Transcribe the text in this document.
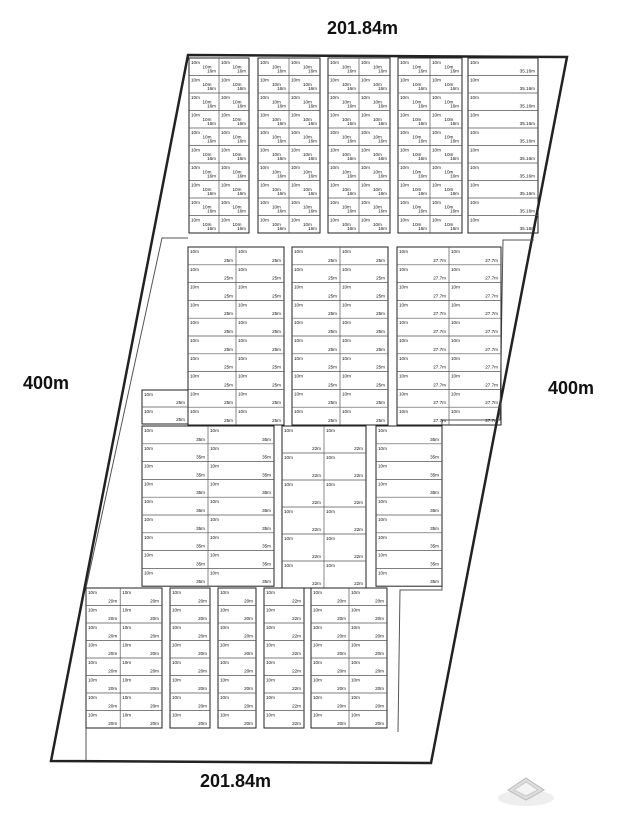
10m
16m
10m
10m
16m
10m
10m
16m
10m
10m
16m
10m
10m
16m
10m
10m
16m
10m
10m
16m
10m
10m
16m
10m
10m
16m
10m
10m
16m
10m
10m
16m
10m
10m
16m
10m
10m
16m
10m
10m
16m
10m
10m
16m
10m
10m
16m
10m
10m
16m
10m
10m
16m
10m
10m
16m
10m
10m
16m
10m
10m
16m
10m
10m
16m
10m
10m
16m
10m
10m
16m
10m
10m
16m
10m
10m
16m
10m
10m
16m
10m
10m
16m
10m
10m
16m
10m
10m
16m
10m
10m
16m
10m
10m
16m
10m
10m
16m
10m
10m
16m
10m
10m
16m
10m
10m
16m
10m
10m
16m
10m
10m
16m
10m
10m
16m
10m
10m
16m
10m
10m
16m
10m
10m
16m
10m
10m
16m
10m
10m
16m
10m
10m
16m
10m
10m
16m
10m
10m
16m
10m
10m
16m
10m
10m
16m
10m
10m
16m
10m
10m
16m
10m
10m
16m
10m
10m
16m
10m
10m
16m
10m
10m
16m
10m
10m
16m
10m
10m
16m
10m
10m
16m
10m
10m
16m
10m
10m
16m
10m
10m
16m
10m
10m
16m
10m
10m
16m
10m
10m
16m
10m
10m
16m
10m
10m
16m
10m
10m
16m
10m
10m
16m
10m
10m
16m
10m
10m
16m
10m
10m
16m
10m
10m
16m
10m
10m
16m
10m
10m
16m
10m
10m
16m
10m
10m
16m
10m
10m
16m
10m
10m
16m
10m
10m
16m
10m
10m
16m
10m
10m
35.16m
10m
35.16m
10m
35.16m
10m
35.16m
10m
35.16m
10m
35.16m
10m
35.16m
10m
35.16m
10m
35.16m
10m
35.16m
10m
25m
10m
25m
10m
25m
10m
25m
10m
25m
10m
25m
10m
25m
10m
25m
10m
25m
10m
25m
10m
25m
10m
25m
10m
25m
10m
25m
10m
25m
10m
25m
10m
25m
10m
25m
10m
25m
10m
25m
10m
25m
10m
25m
10m
25m
10m
25m
10m
25m
10m
25m
10m
25m
10m
25m
10m
25m
10m
25m
10m
25m
10m
25m
10m
25m
10m
25m
10m
25m
10m
25m
10m
25m
10m
25m
10m
25m
10m
25m
10m
27.7m
10m
27.7m
10m
27.7m
10m
27.7m
10m
27.7m
10m
27.7m
10m
27.7m
10m
27.7m
10m
27.7m
10m
27.7m
10m
27.7m
10m
27.7m
10m
27.7m
10m
27.7m
10m
27.7m
10m
27.7m
10m
27.7m
10m
27.7m
10m
27.7m
10m
27.7m
10m
25m
10m
25m
10m
35m
10m
35m
10m
35m
10m
35m
10m
35m
10m
35m
10m
35m
10m
35m
10m
35m
10m
35m
10m
35m
10m
35m
10m
35m
10m
35m
10m
35m
10m
35m
10m
35m
10m
35m
10m
22m
10m
22m
10m
22m
10m
22m
10m
22m
10m
22m
10m
22m
10m
22m
10m
22m
10m
22m
10m
22m
10m
22m
10m
35m
10m
35m
10m
35m
10m
35m
10m
35m
10m
35m
10m
35m
10m
35m
10m
35m
10m
20m
10m
20m
10m
20m
10m
20m
10m
20m
10m
20m
10m
20m
10m
20m
10m
20m
10m
20m
10m
20m
10m
20m
10m
20m
10m
20m
10m
20m
10m
20m
10m
20m
10m
20m
10m
20m
10m
20m
10m
20m
10m
20m
10m
20m
10m
20m
10m
20m
10m
20m
10m
20m
10m
20m
10m
20m
10m
20m
10m
20m
10m
20m
10m
22m
10m
22m
10m
22m
10m
22m
10m
22m
10m
22m
10m
22m
10m
22m
10m
20m
10m
20m
10m
20m
10m
20m
10m
20m
10m
20m
10m
20m
10m
20m
10m
20m
10m
20m
10m
20m
10m
20m
10m
20m
10m
20m
10m
20m
10m
20m
201.84m
201.84m
400m	400m
